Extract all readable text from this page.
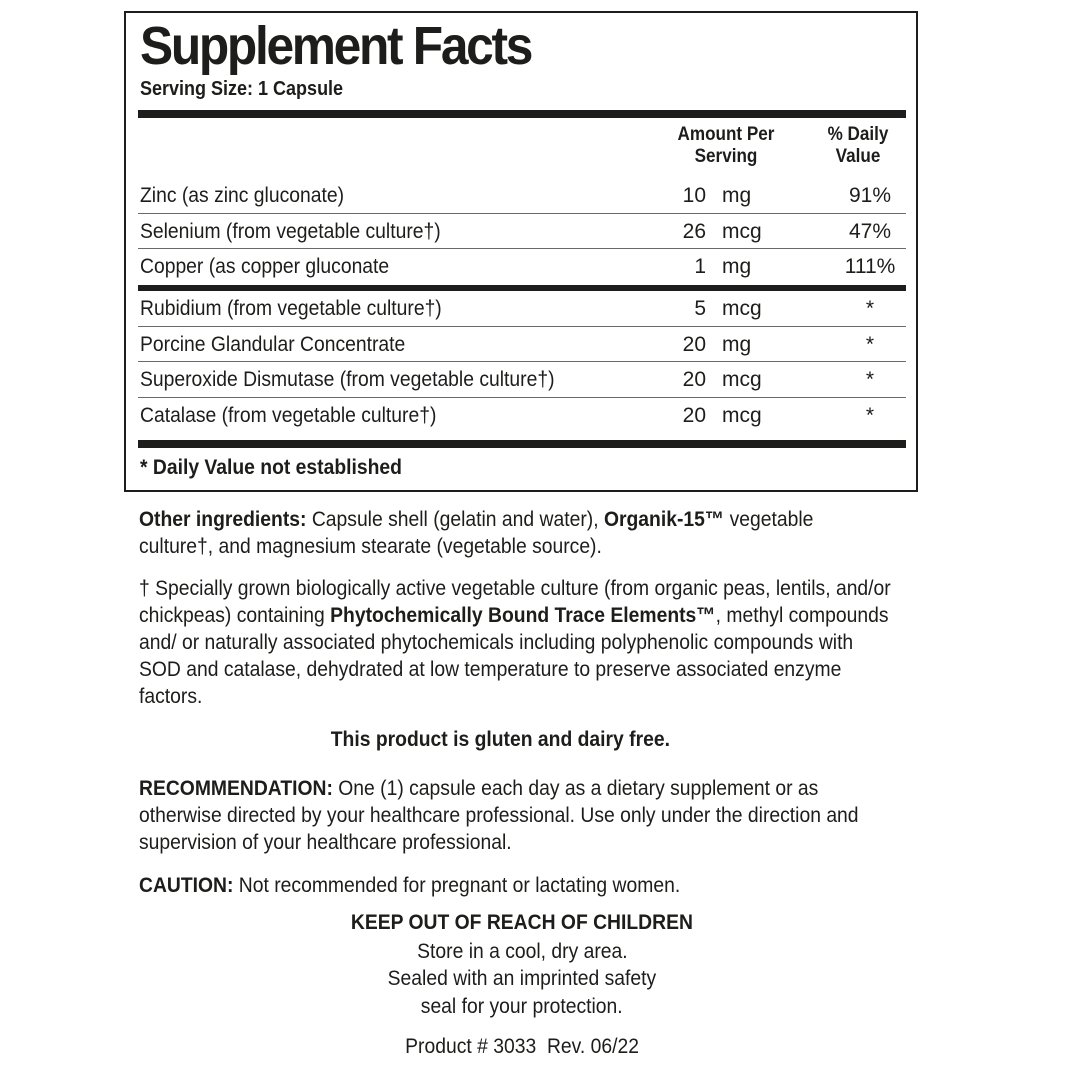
Supplement Facts
Serving Size: 1 Capsule
Amount Per
Serving
% Daily
Value
Zinc (as zinc gluconate)	10 mg	91%
Selenium (from vegetable culture†)	26 mcg	47%
Copper (as copper gluconate	1 mg	111%
Rubidium (from vegetable culture†)	5 mcg	*
Porcine Glandular Concentrate	20 mg	*
Superoxide Dismutase (from vegetable culture†)	20 mcg	*
Catalase (from vegetable culture†)	20 mcg	*
* Daily Value not established

Other ingredients: Capsule shell (gelatin and water), Organik-15™ vegetable culture†, and magnesium stearate (vegetable source).

† Specially grown biologically active vegetable culture (from organic peas, lentils, and/or chickpeas) containing Phytochemically Bound Trace Elements™, methyl compounds and/ or naturally associated phytochemicals including polyphenolic compounds with SOD and catalase, dehydrated at low temperature to preserve associated enzyme factors.

This product is gluten and dairy free.

RECOMMENDATION: One (1) capsule each day as a dietary supplement or as otherwise directed by your healthcare professional. Use only under the direction and supervision of your healthcare professional.

CAUTION: Not recommended for pregnant or lactating women.

KEEP OUT OF REACH OF CHILDREN
Store in a cool, dry area.
Sealed with an imprinted safety
seal for your protection.
Product # 3033  Rev. 06/22
